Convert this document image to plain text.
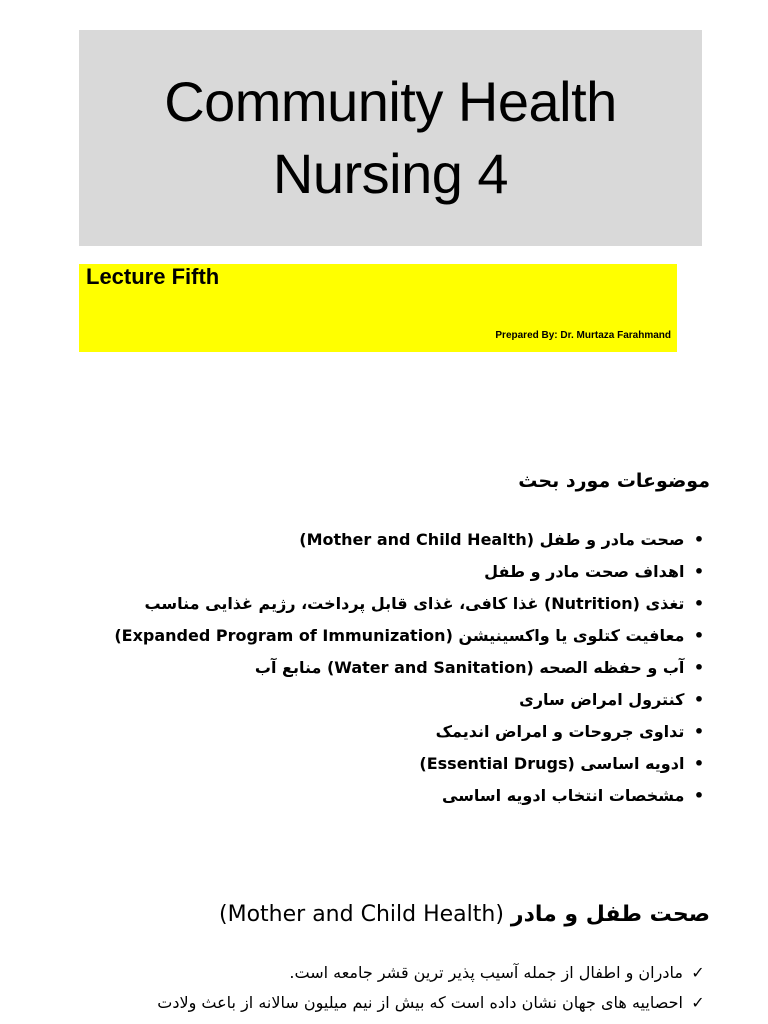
Community Health
Nursing 4
Lecture Fifth
Prepared By: Dr. Murtaza Farahmand
موضوعات مورد بحث
• صحت مادر و طفل (Mother and Child Health)
• اهداف صحت مادر و طفل
• تغذی (Nutrition) غذا کافی، غذای قابل پرداخت، رژیم غذایی مناسب
• معافیت کتلوی یا واکسینیشن (Expanded Program of Immunization)
• آب و حفظه الصحه (Water and Sanitation) منابع آب
• کنترول امراض ساری
• تداوی جروحات و امراض اندیمک
• ادویه اساسی (Essential Drugs)
• مشخصات انتخاب ادویه اساسی
صحت طفل و مادر (Mother and Child Health)
✓ مادران و اطفال از جمله آسیب پذیر ترین قشر جامعه است.
✓ احصاییه های جهان نشان داده است که بیش از نیم میلیون سالانه از باعث ولادت
